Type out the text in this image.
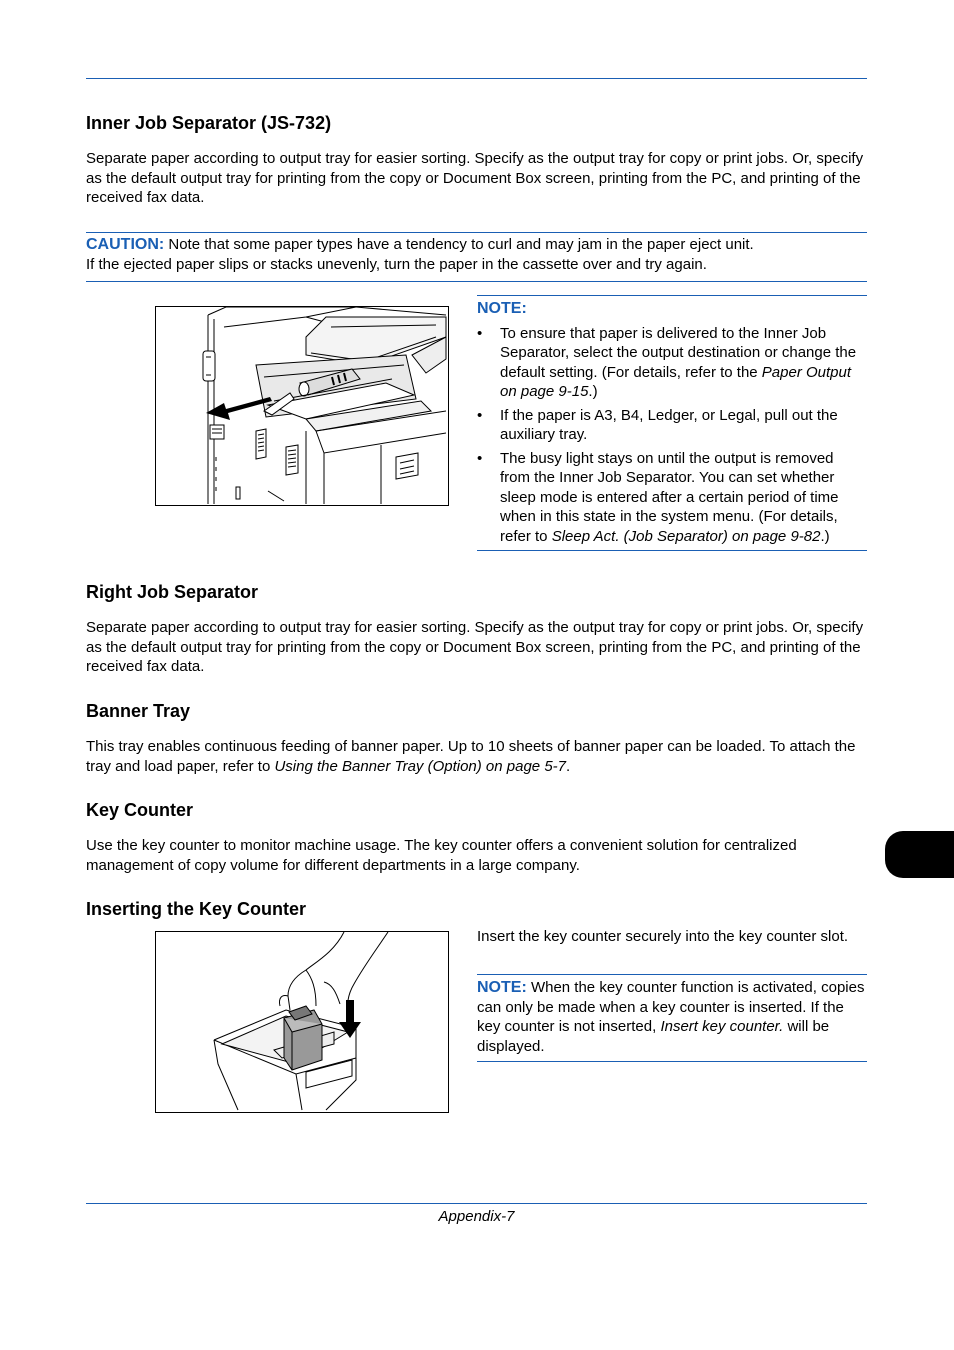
Inner Job Separator (JS-732)

Separate paper according to output tray for easier sorting. Specify as the output tray for copy or print jobs. Or, specify as the default output tray for printing from the copy or Document Box screen, printing from the PC, and printing of the received fax data.

CAUTION: Note that some paper types have a tendency to curl and may jam in the paper eject unit.
If the ejected paper slips or stacks unevenly, turn the paper in the cassette over and try again.

NOTE:
• To ensure that paper is delivered to the Inner Job Separator, select the output destination or change the default setting. (For details, refer to the Paper Output on page 9-15.)
• If the paper is A3, B4, Ledger, or Legal, pull out the auxiliary tray.
• The busy light stays on until the output is removed from the Inner Job Separator. You can set whether sleep mode is entered after a certain period of time when in this state in the system menu. (For details, refer to Sleep Act. (Job Separator) on page 9-82.)
Right Job Separator

Separate paper according to output tray for easier sorting. Specify as the output tray for copy or print jobs. Or, specify as the default output tray for printing from the copy or Document Box screen, printing from the PC, and printing of the received fax data.

Banner Tray

This tray enables continuous feeding of banner paper. Up to 10 sheets of banner paper can be loaded. To attach the tray and load paper, refer to Using the Banner Tray (Option) on page 5-7.

Key Counter

Use the key counter to monitor machine usage. The key counter offers a convenient solution for centralized management of copy volume for different departments in a large company.

Inserting the Key Counter

Insert the key counter securely into the key counter slot.

NOTE: When the key counter function is activated, copies can only be made when a key counter is inserted. If the key counter is not inserted, Insert key counter. will be displayed.
Appendix-7
